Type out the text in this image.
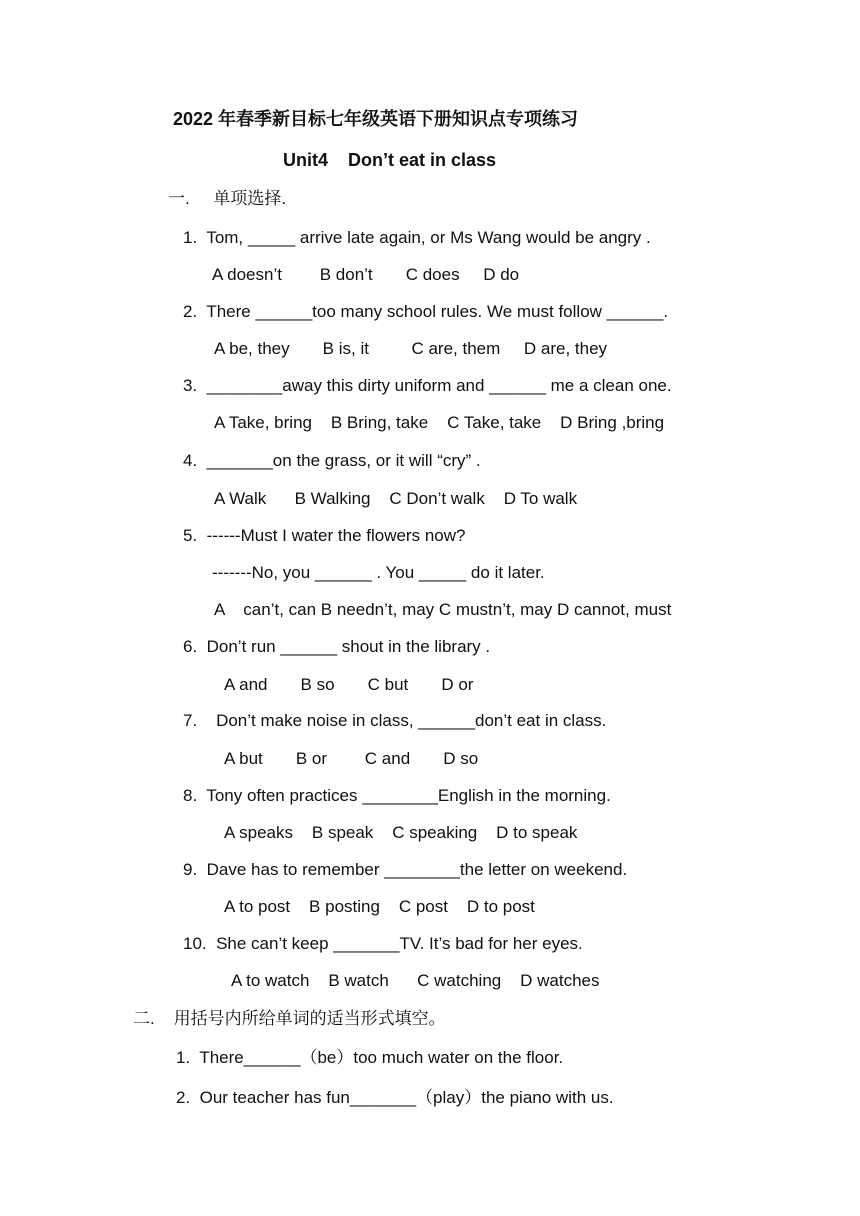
2022 年春季新目标七年级英语下册知识点专项练习
Unit4    Don’t eat in class
一.     单项选择.
1.  Tom, _____ arrive late again, or Ms Wang would be angry .
A doesn’t        B don’t       C does     D do
2.  There ______too many school rules. We must follow ______.
A be, they       B is, it         C are, them     D are, they
3.  ________away this dirty uniform and ______ me a clean one.
A Take, bring    B Bring, take    C Take, take    D Bring ,bring
4.  _______on the grass, or it will “cry” .
A Walk      B Walking    C Don’t walk    D To walk
5.  ------Must I water the flowers now?
-------No, you ______ . You _____ do it later.
A    can’t, can B needn’t, may C mustn’t, may D cannot, must
6.  Don’t run ______ shout in the library .
A and       B so       C but       D or
7.    Don’t make noise in class, ______don’t eat in class.
A but       B or        C and       D so
8.  Tony often practices ________English in the morning.
A speaks    B speak    C speaking    D to speak
9.  Dave has to remember ________the letter on weekend.
A to post    B posting    C post    D to post
10.  She can’t keep _______TV. It’s bad for her eyes.
A to watch    B watch      C watching    D watches
二.    用括号内所给单词的适当形式填空。
1.  There______（be）too much water on the floor.
2.  Our teacher has fun_______（play）the piano with us.
